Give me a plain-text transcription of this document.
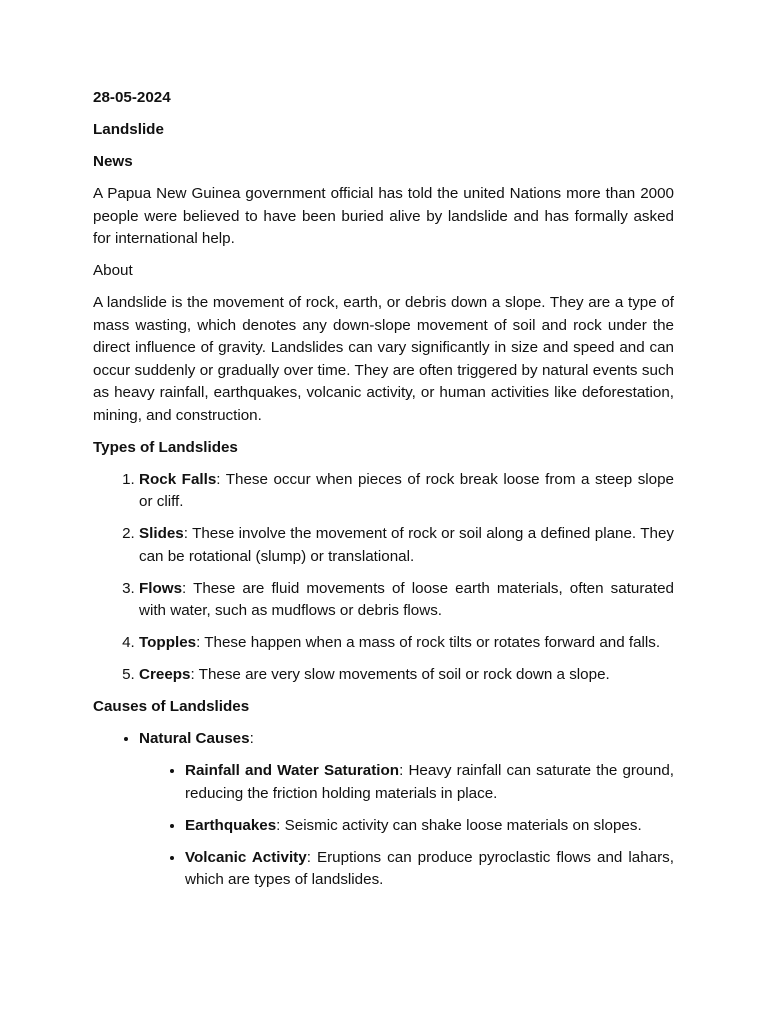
28-05-2024

Landslide

News

A Papua New Guinea government official has told the united Nations more than 2000 people were believed to have been buried alive by landslide and has formally asked for international help.

About

A landslide is the movement of rock, earth, or debris down a slope. They are a type of mass wasting, which denotes any down-slope movement of soil and rock under the direct influence of gravity. Landslides can vary significantly in size and speed and can occur suddenly or gradually over time. They are often triggered by natural events such as heavy rainfall, earthquakes, volcanic activity, or human activities like deforestation, mining, and construction.

Types of Landslides

1. Rock Falls: These occur when pieces of rock break loose from a steep slope or cliff.
2. Slides: These involve the movement of rock or soil along a defined plane. They can be rotational (slump) or translational.
3. Flows: These are fluid movements of loose earth materials, often saturated with water, such as mudflows or debris flows.
4. Topples: These happen when a mass of rock tilts or rotates forward and falls.
5. Creeps: These are very slow movements of soil or rock down a slope.

Causes of Landslides

• Natural Causes:
• Rainfall and Water Saturation: Heavy rainfall can saturate the ground, reducing the friction holding materials in place.
• Earthquakes: Seismic activity can shake loose materials on slopes.
• Volcanic Activity: Eruptions can produce pyroclastic flows and lahars, which are types of landslides.
